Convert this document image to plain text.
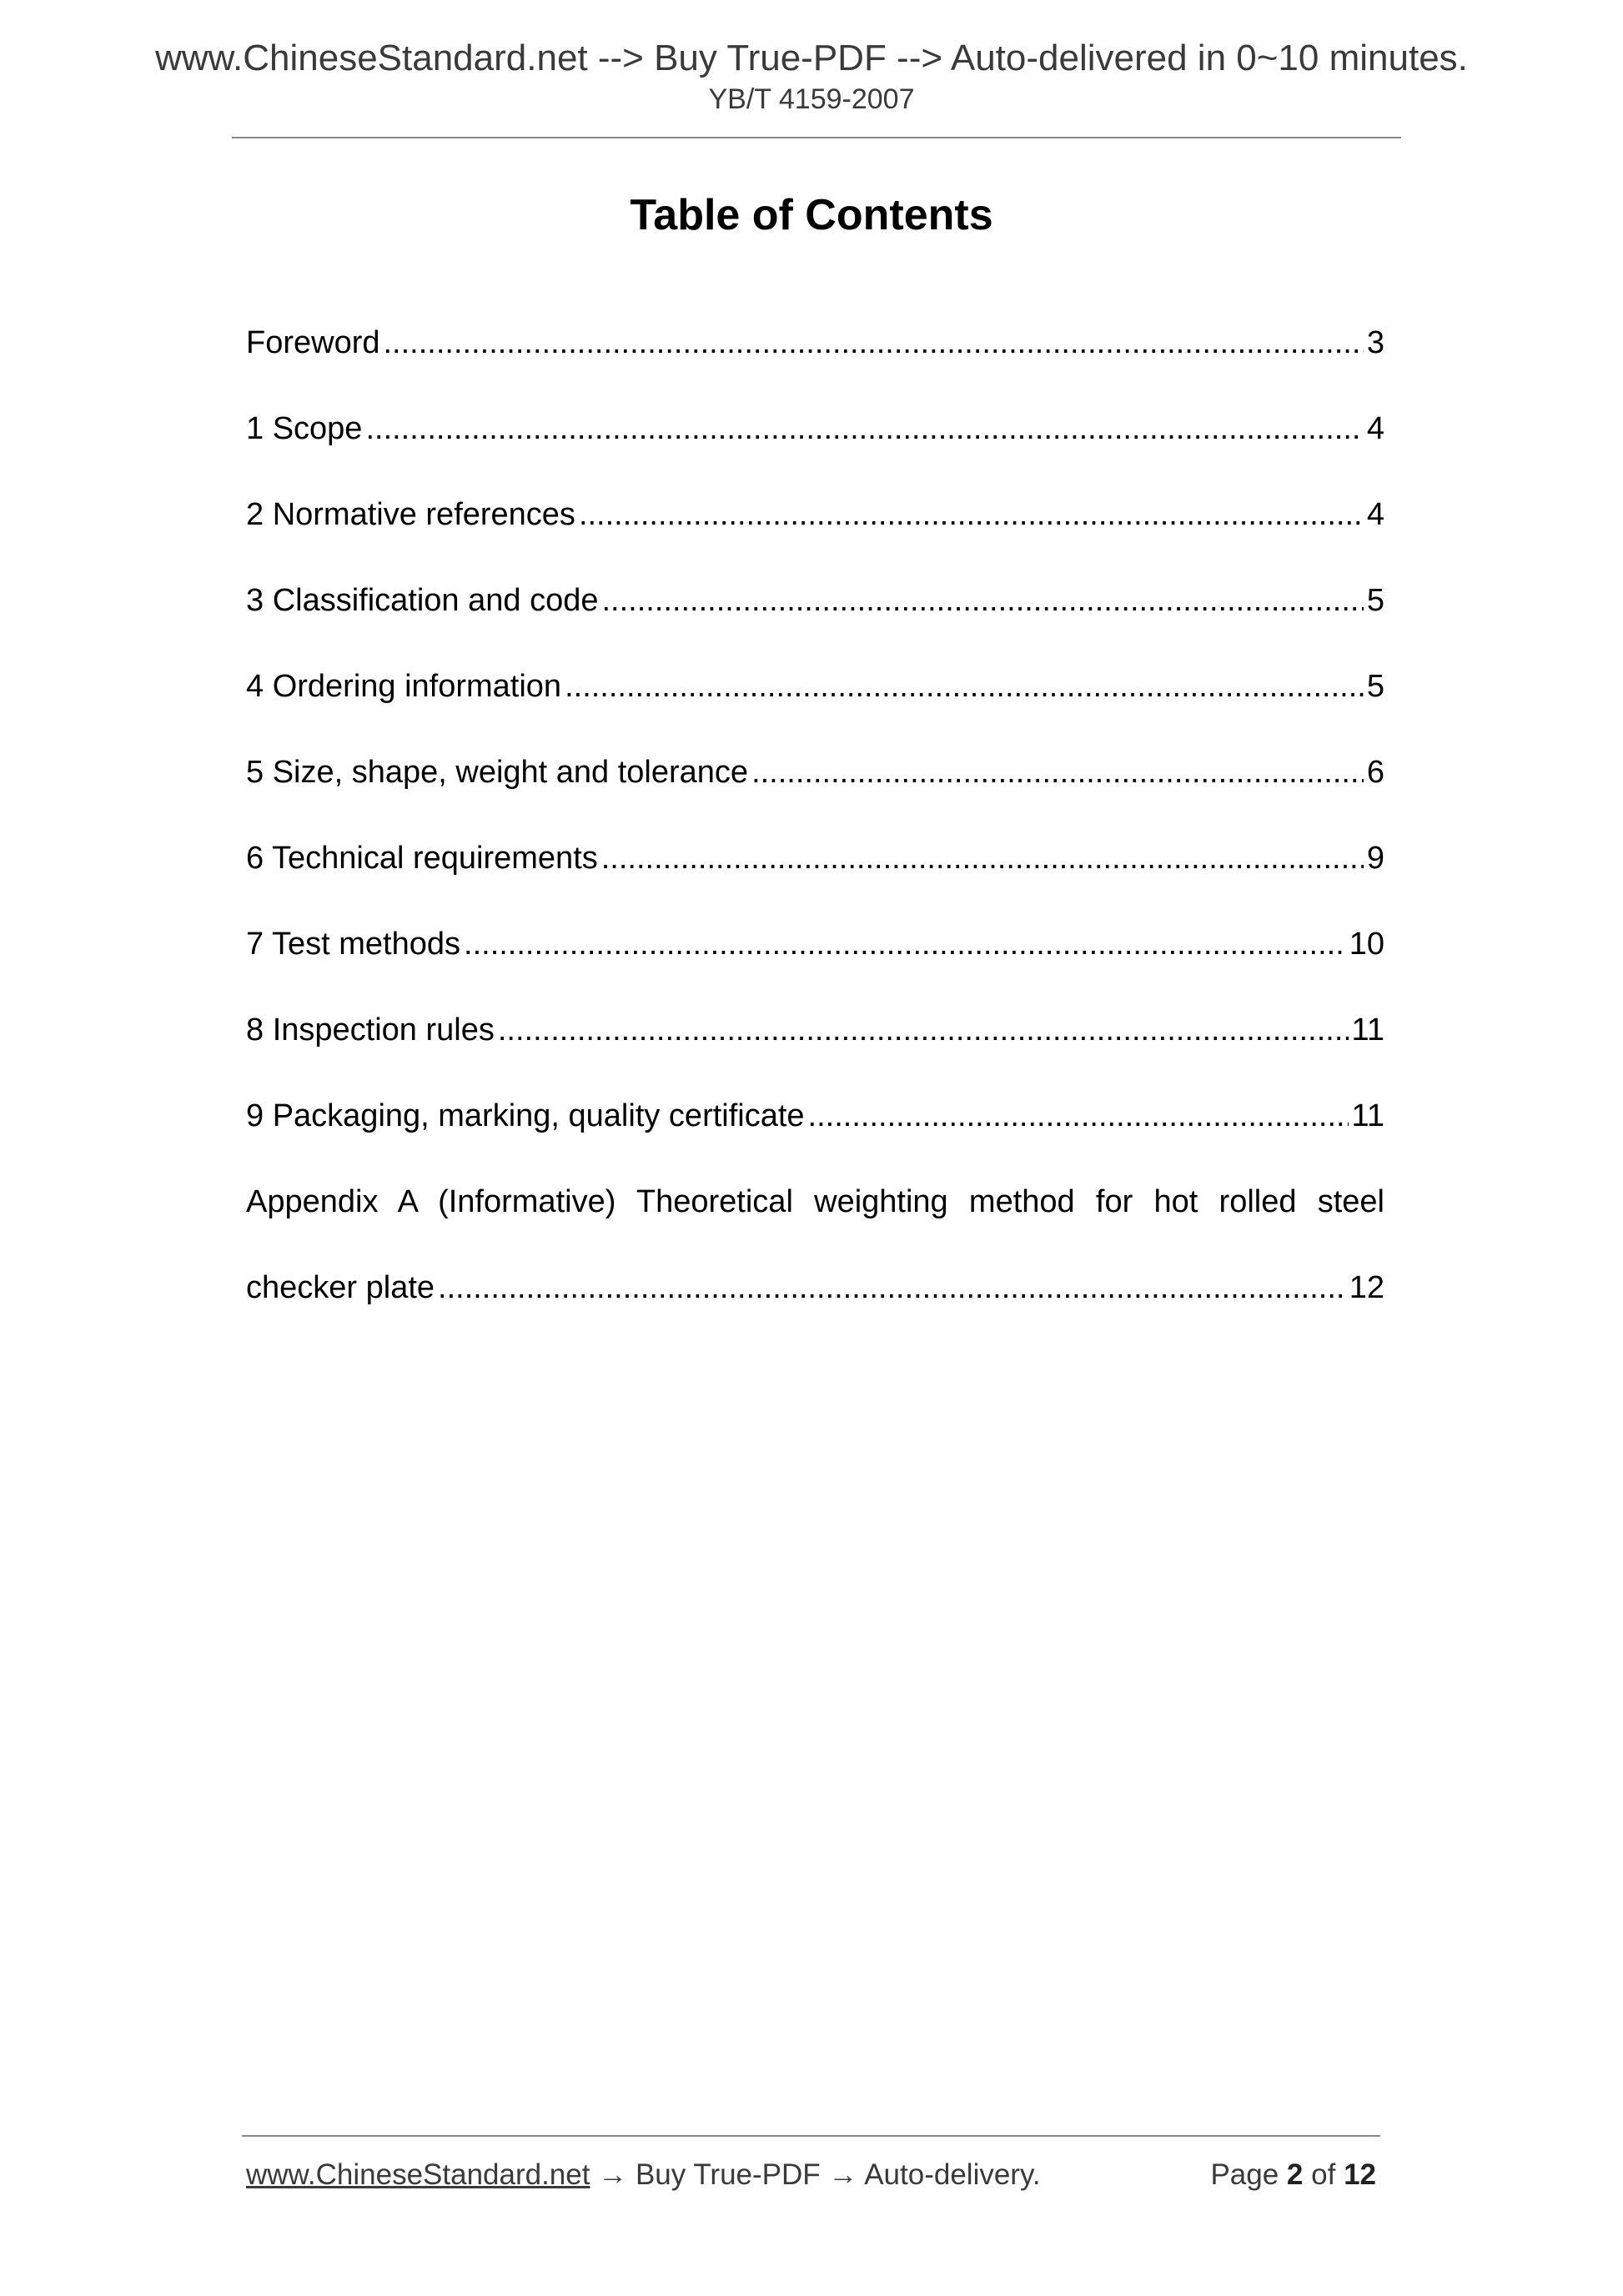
www.ChineseStandard.net --> Buy True-PDF --> Auto-delivered in 0~10 minutes.
YB/T 4159-2007
Table of Contents
Foreword .....	3
1 Scope .....	4
2 Normative references .....	4
3 Classification and code .....	5
4 Ordering information .....	5
5 Size, shape, weight and tolerance .....	6
6 Technical requirements .....	9
7 Test methods .....	10
8 Inspection rules .....	11
9 Packaging, marking, quality certificate .....	11
Appendix A (Informative) Theoretical weighting method for hot rolled steel
checker plate .....	12
www.ChineseStandard.net → Buy True-PDF → Auto-delivery.	Page 2 of 12
